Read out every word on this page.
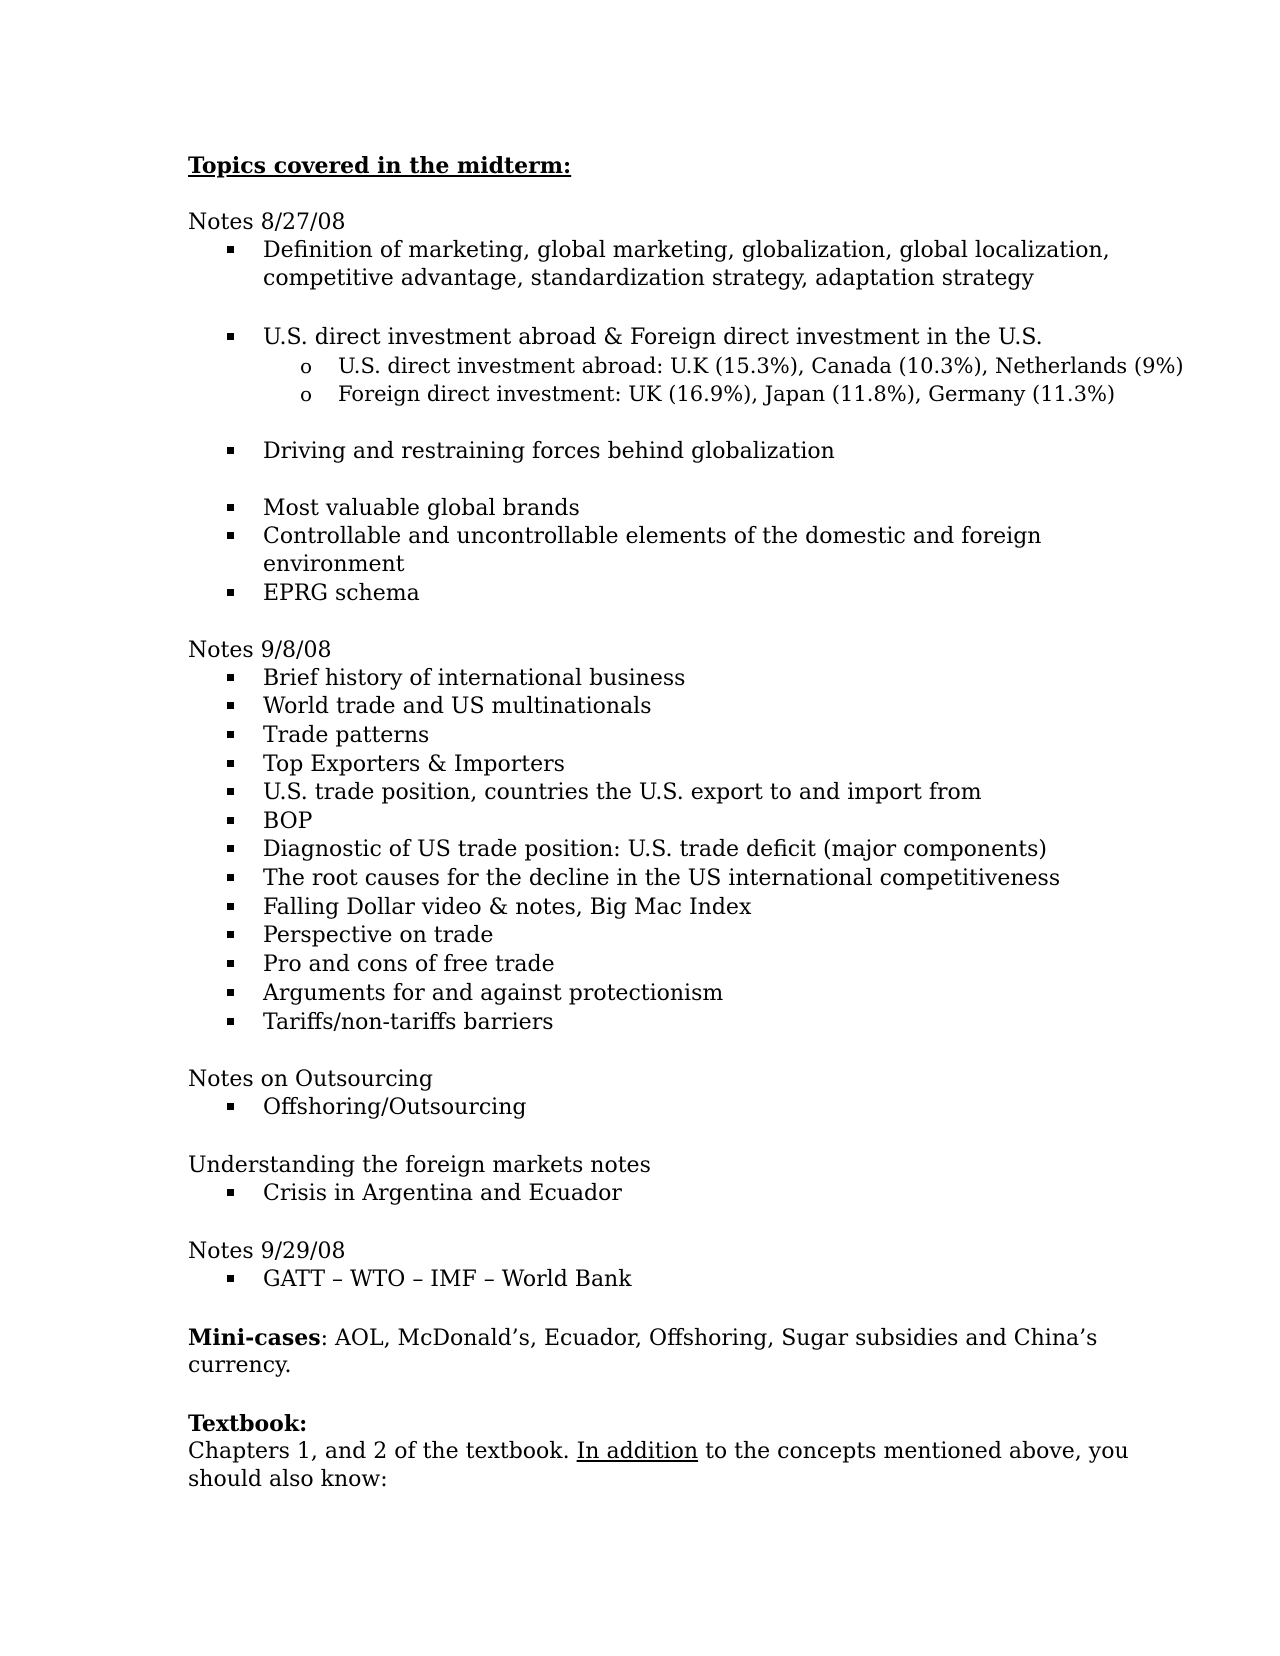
Topics covered in the midterm:
Notes 8/27/08
Definition of marketing, global marketing, globalization, global localization,
competitive advantage, standardization strategy, adaptation strategy
U.S. direct investment abroad & Foreign direct investment in the U.S.
o U.S. direct investment abroad: U.K (15.3%), Canada (10.3%), Netherlands (9%)
o Foreign direct investment: UK (16.9%), Japan (11.8%), Germany (11.3%)
Driving and restraining forces behind globalization
Most valuable global brands
Controllable and uncontrollable elements of the domestic and foreign
environment
EPRG schema
Notes 9/8/08
Brief history of international business
World trade and US multinationals
Trade patterns
Top Exporters & Importers
U.S. trade position, countries the U.S. export to and import from
BOP
Diagnostic of US trade position: U.S. trade deficit (major components)
The root causes for the decline in the US international competitiveness
Falling Dollar video & notes, Big Mac Index
Perspective on trade
Pro and cons of free trade
Arguments for and against protectionism
Tariffs/non-tariffs barriers
Notes on Outsourcing
Offshoring/Outsourcing
Understanding the foreign markets notes
Crisis in Argentina and Ecuador
Notes 9/29/08
GATT – WTO – IMF – World Bank
Mini-cases: AOL, McDonald’s, Ecuador, Offshoring, Sugar subsidies and China’s
currency.
Textbook:
Chapters 1, and 2 of the textbook. In addition to the concepts mentioned above, you
should also know:
